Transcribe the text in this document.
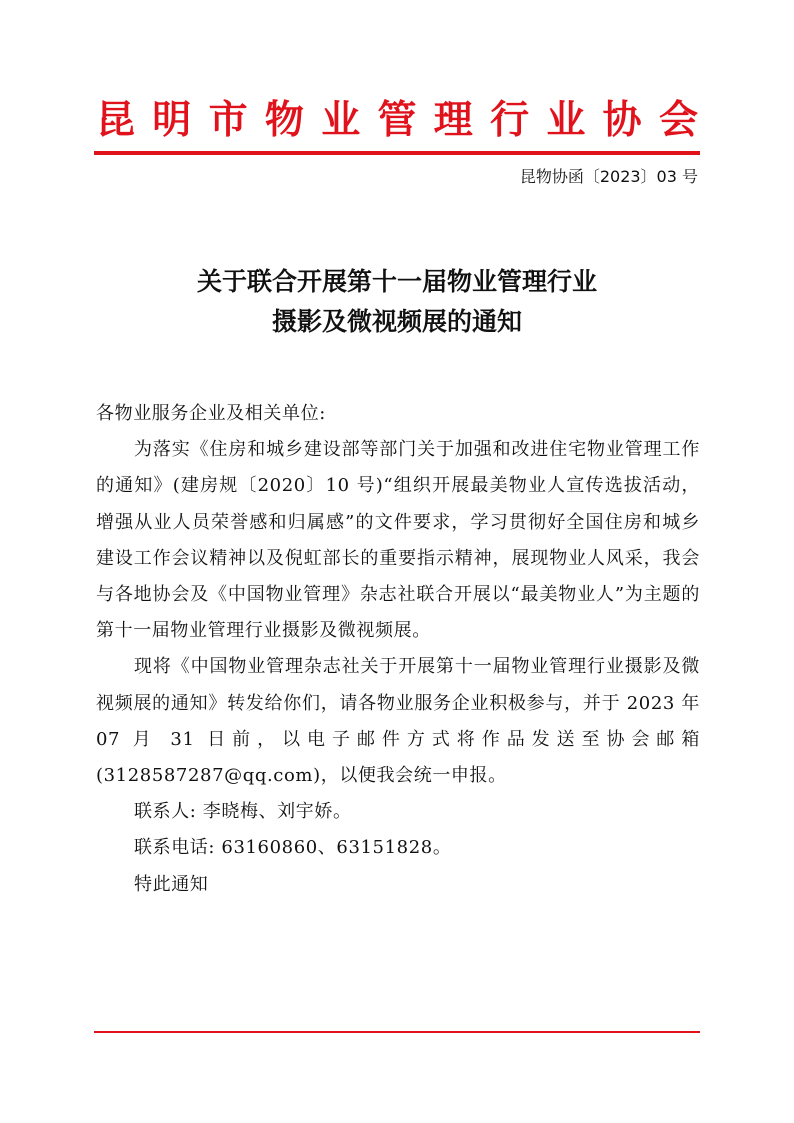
昆 明 市 物 业 管 理 行 业 协 会
昆物协函〔2023〕03 号
关于联合开展第十一届物业管理行业
摄影及微视频展的通知

各物业服务企业及相关单位:

为落实《住房和城乡建设部等部门关于加强和改进住宅物业管理工作的通知》(建房规〔2020〕10 号)“组织开展最美物业人宣传选拔活动，增强从业人员荣誉感和归属感”的文件要求，学习贯彻好全国住房和城乡建设工作会议精神以及倪虹部长的重要指示精神，展现物业人风采，我会与各地协会及《中国物业管理》杂志社联合开展以“最美物业人”为主题的第十一届物业管理行业摄影及微视频展。

现将《中国物业管理杂志社关于开展第十一届物业管理行业摄影及微视频展的通知》转发给你们，请各物业服务企业积极参与，并于 2023 年 07 月 31 日前，以电子邮件方式将作品发送至协会邮箱(3128587287@qq.com)，以便我会统一申报。

联系人: 李晓梅、刘宇娇。

联系电话: 63160860、63151828。

特此通知
